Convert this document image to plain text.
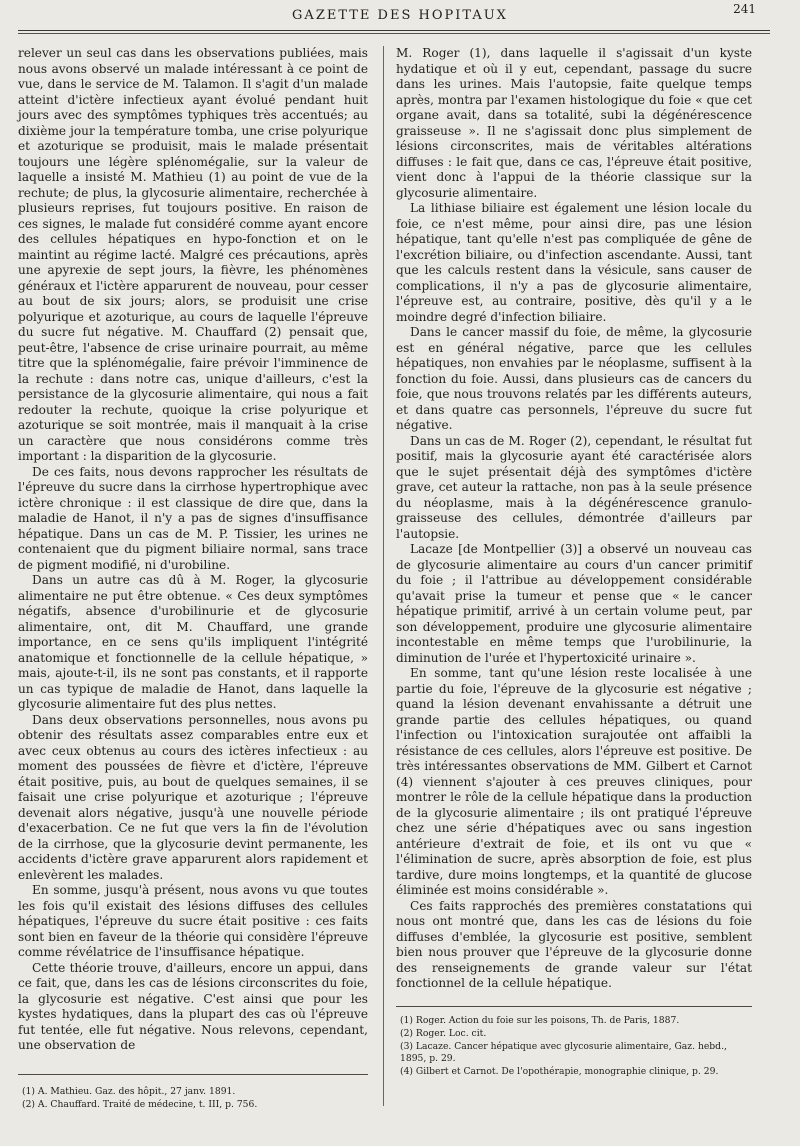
GAZETTE DES HOPITAUX	241

relever un seul cas dans les observations publiées, mais nous avons observé un malade intéressant à ce point de vue, dans le service de M. Talamon. Il s'agit d'un malade atteint d'ictère infectieux ayant évolué pendant huit jours avec des symptômes typhiques très accentués; au dixième jour la température tomba, une crise polyurique et azoturique se produisit, mais le malade présentait toujours une légère splénomégalie, sur la valeur de laquelle a insisté M. Mathieu (1) au point de vue de la rechute; de plus, la glycosurie alimentaire, recherchée à plusieurs reprises, fut toujours positive. En raison de ces signes, le malade fut considéré comme ayant encore des cellules hépatiques en hypo-fonction et on le maintint au régime lacté. Malgré ces précautions, après une apyrexie de sept jours, la fièvre, les phénomènes généraux et l'ictère apparurent de nouveau, pour cesser au bout de six jours; alors, se produisit une crise polyurique et azoturique, au cours de laquelle l'épreuve du sucre fut négative. M. Chauffard (2) pensait que, peut-être, l'absence de crise urinaire pourrait, au même titre que la splénomégalie, faire prévoir l'imminence de la rechute : dans notre cas, unique d'ailleurs, c'est la persistance de la glycosurie alimentaire, qui nous a fait redouter la rechute, quoique la crise polyurique et azoturique se soit montrée, mais il manquait à la crise un caractère que nous considérons comme très important : la disparition de la glycosurie.

De ces faits, nous devons rapprocher les résultats de l'épreuve du sucre dans la cirrhose hypertrophique avec ictère chronique : il est classique de dire que, dans la maladie de Hanot, il n'y a pas de signes d'insuffisance hépatique. Dans un cas de M. P. Tissier, les urines ne contenaient que du pigment biliaire normal, sans trace de pigment modifié, ni d'urobiline.

Dans un autre cas dû à M. Roger, la glycosurie alimentaire ne put être obtenue. « Ces deux symptômes négatifs, absence d'urobilinurie et de glycosurie alimentaire, ont, dit M. Chauffard, une grande importance, en ce sens qu'ils impliquent l'intégrité anatomique et fonctionnelle de la cellule hépatique, » mais, ajoute-t-il, ils ne sont pas constants, et il rapporte un cas typique de maladie de Hanot, dans laquelle la glycosurie alimentaire fut des plus nettes.

Dans deux observations personnelles, nous avons pu obtenir des résultats assez comparables entre eux et avec ceux obtenus au cours des ictères infectieux : au moment des poussées de fièvre et d'ictère, l'épreuve était positive, puis, au bout de quelques semaines, il se faisait une crise polyurique et azoturique ; l'épreuve devenait alors négative, jusqu'à une nouvelle période d'exacerbation. Ce ne fut que vers la fin de l'évolution de la cirrhose, que la glycosurie devint permanente, les accidents d'ictère grave apparurent alors rapidement et enlevèrent les malades.

En somme, jusqu'à présent, nous avons vu que toutes les fois qu'il existait des lésions diffuses des cellules hépatiques, l'épreuve du sucre était positive : ces faits sont bien en faveur de la théorie qui considère l'épreuve comme révélatrice de l'insuffisance hépatique.

Cette théorie trouve, d'ailleurs, encore un appui, dans ce fait, que, dans les cas de lésions circonscrites du foie, la glycosurie est négative. C'est ainsi que pour les kystes hydatiques, dans la plupart des cas où l'épreuve fut tentée, elle fut négative. Nous relevons, cependant, une observation de

(1) A. Mathieu. Gaz. des hôpit., 27 janv. 1891.
(2) A. Chauffard. Traité de médecine, t. III, p. 756.

M. Roger (1), dans laquelle il s'agissait d'un kyste hydatique et où il y eut, cependant, passage du sucre dans les urines. Mais l'autopsie, faite quelque temps après, montra par l'examen histologique du foie « que cet organe avait, dans sa totalité, subi la dégénérescence graisseuse ». Il ne s'agissait donc plus simplement de lésions circonscrites, mais de véritables altérations diffuses : le fait que, dans ce cas, l'épreuve était positive, vient donc à l'appui de la théorie classique sur la glycosurie alimentaire.

La lithiase biliaire est également une lésion locale du foie, ce n'est même, pour ainsi dire, pas une lésion hépatique, tant qu'elle n'est pas compliquée de gêne de l'excrétion biliaire, ou d'infection ascendante. Aussi, tant que les calculs restent dans la vésicule, sans causer de complications, il n'y a pas de glycosurie alimentaire, l'épreuve est, au contraire, positive, dès qu'il y a le moindre degré d'infection biliaire.

Dans le cancer massif du foie, de même, la glycosurie est en général négative, parce que les cellules hépatiques, non envahies par le néoplasme, suffisent à la fonction du foie. Aussi, dans plusieurs cas de cancers du foie, que nous trouvons relatés par les différents auteurs, et dans quatre cas personnels, l'épreuve du sucre fut négative.

Dans un cas de M. Roger (2), cependant, le résultat fut positif, mais la glycosurie ayant été caractérisée alors que le sujet présentait déjà des symptômes d'ictère grave, cet auteur la rattache, non pas à la seule présence du néoplasme, mais à la dégénérescence granulo-graisseuse des cellules, démontrée d'ailleurs par l'autopsie.

Lacaze [de Montpellier (3)] a observé un nouveau cas de glycosurie alimentaire au cours d'un cancer primitif du foie ; il l'attribue au développement considérable qu'avait prise la tumeur et pense que « le cancer hépatique primitif, arrivé à un certain volume peut, par son développement, produire une glycosurie alimentaire incontestable en même temps que l'urobilinurie, la diminution de l'urée et l'hypertoxicité urinaire ».

En somme, tant qu'une lésion reste localisée à une partie du foie, l'épreuve de la glycosurie est négative ; quand la lésion devenant envahissante a détruit une grande partie des cellules hépatiques, ou quand l'infection ou l'intoxication surajoutée ont affaibli la résistance de ces cellules, alors l'épreuve est positive. De très intéressantes observations de MM. Gilbert et Carnot (4) viennent s'ajouter à ces preuves cliniques, pour montrer le rôle de la cellule hépatique dans la production de la glycosurie alimentaire ; ils ont pratiqué l'épreuve chez une série d'hépatiques avec ou sans ingestion antérieure d'extrait de foie, et ils ont vu que « l'élimination de sucre, après absorption de foie, est plus tardive, dure moins longtemps, et la quantité de glucose éliminée est moins considérable ».

Ces faits rapprochés des premières constatations qui nous ont montré que, dans les cas de lésions du foie diffuses d'emblée, la glycosurie est positive, semblent bien nous prouver que l'épreuve de la glycosurie donne des renseignements de grande valeur sur l'état fonctionnel de la cellule hépatique.

(1) Roger. Action du foie sur les poisons, Th. de Paris, 1887.
(2) Roger. Loc. cit.
(3) Lacaze. Cancer hépatique avec glycosurie alimentaire, Gaz. hebd., 1895, p. 29.
(4) Gilbert et Carnot. De l'opothérapie, monographie clinique, p. 29.
